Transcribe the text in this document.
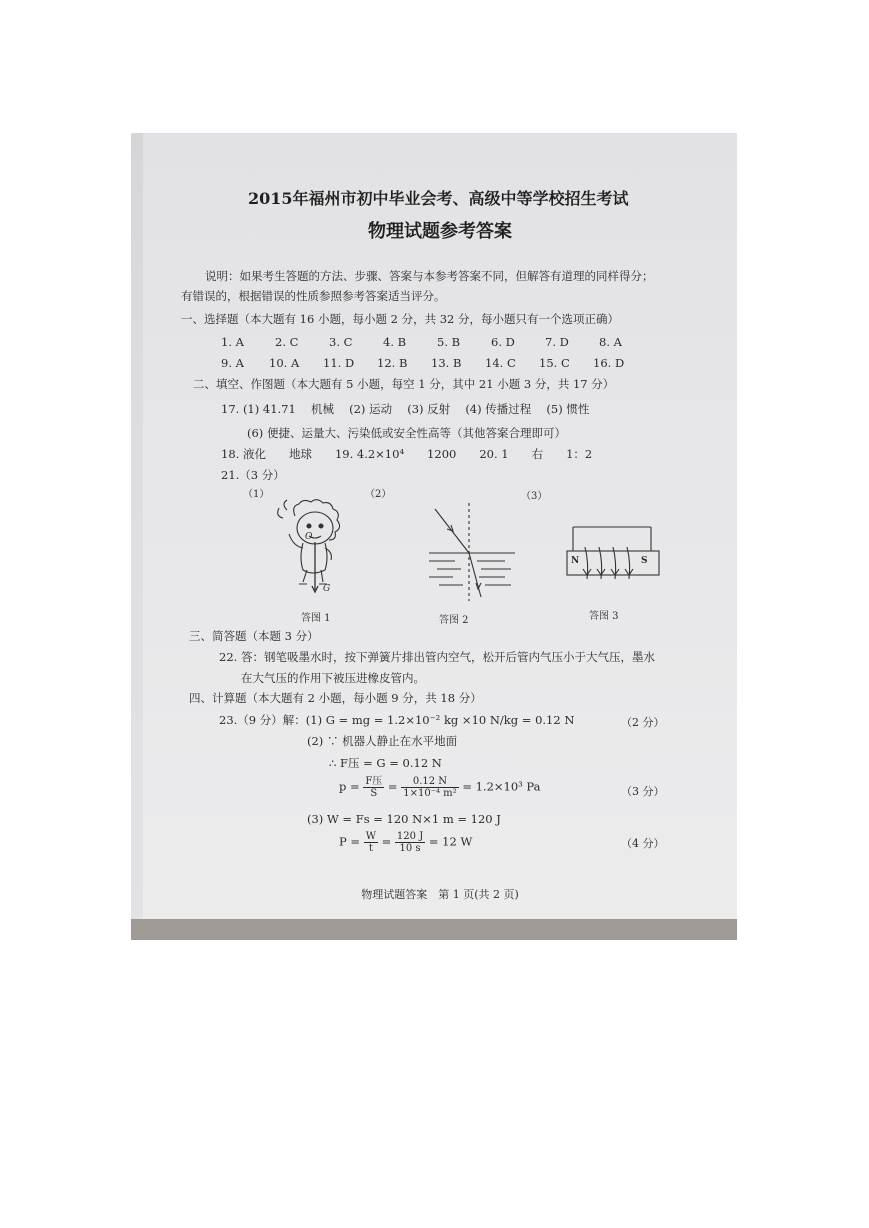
2015年福州市初中毕业会考、高级中等学校招生考试
物理试题参考答案
说明：如果考生答题的方法、步骤、答案与本参考答案不同，但解答有道理的同样得分；
有错误的，根据错误的性质参照参考答案适当评分。
一、选择题（本大题有 16 小题，每小题 2 分，共 32 分，每小题只有一个选项正确）
1. A	2. C	3. C	4. B	5. B	6. D	7. D	8. A
9. A 10. A 11. D 12. B 13. B 14. C 15. C 16. D
二、填空、作图题（本大题有 5 小题，每空 1 分，其中 21 小题 3 分，共 17 分）
17. (1) 41.71　 机械　 (2) 运动　 (3) 反射　 (4) 传播过程　 (5) 惯性
(6) 便捷、运量大、污染低或安全性高等（其他答案合理即可）
18. 液化　　地球　　19. 4.2×10⁴　　1200　　20. 1　　右　　1：2
21.（3 分）
（1）	（2）	（3）
O
G
N	S
答图 1	答图 2	答图 3
三、简答题（本题 3 分）
22. 答：钢笔吸墨水时，按下弹簧片排出管内空气，松开后管内气压小于大气压，墨水
在大气压的作用下被压进橡皮管内。
四、计算题（本大题有 2 小题，每小题 9 分，共 18 分）
23.（9 分）解：(1) G = mg = 1.2×10⁻² kg ×10 N/kg = 0.12 N	（2 分）
(2) ∵ 机器人静止在水平地面
∴ F压 = G = 0.12 N
$p = \frac{\text{F压}}{S} = \frac{0.12 N}{\text{1×10⁻⁴ m²}} = 1.2\times 10^3$ Pa	（3 分）
(3) W = Fs = 120 N×1 m = 120 J
$P = \frac{W}{t} = \frac{120 J}{10 s} = 12$ W	（4 分）
物理试题答案　第 1 页(共 2 页)
